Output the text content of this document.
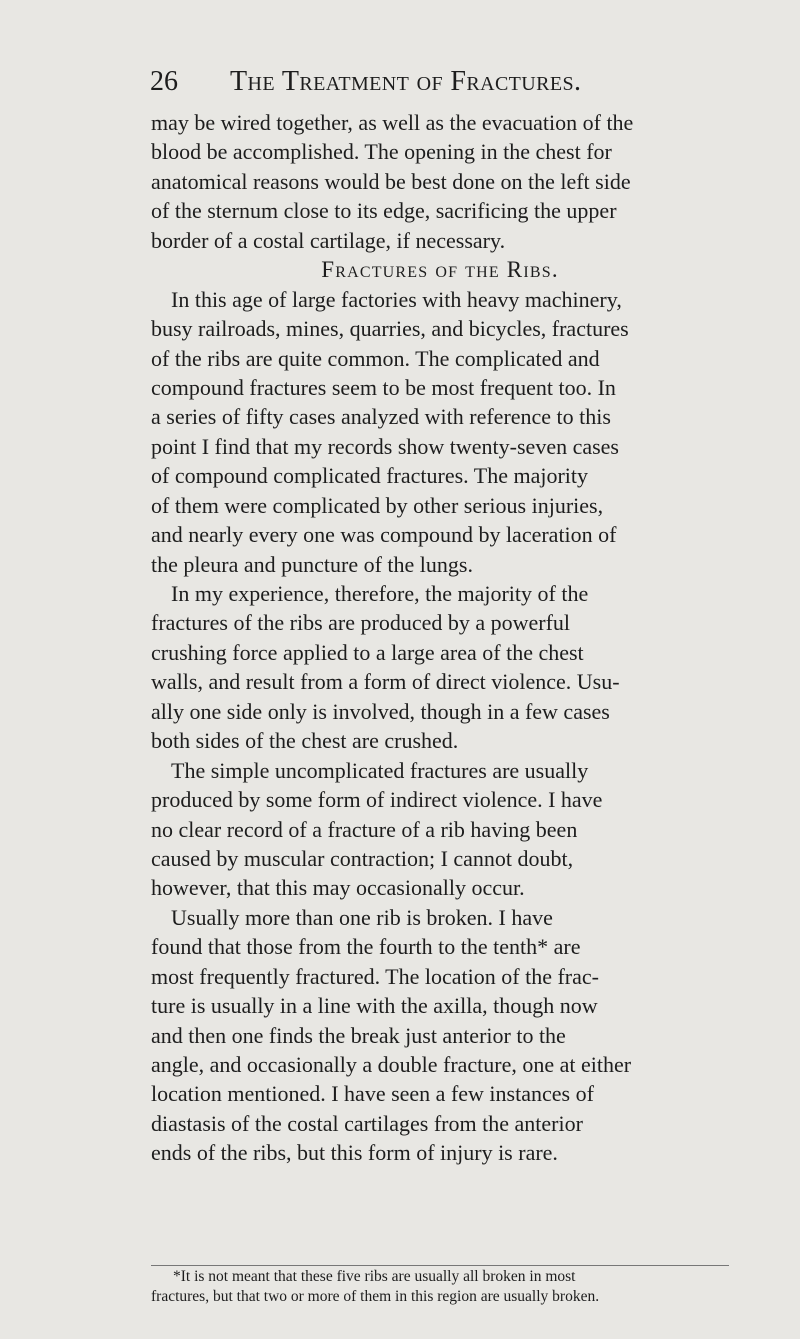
26 The Treatment of Fractures.
may be wired together, as well as the evacuation of the
blood be accomplished. The opening in the chest for
anatomical reasons would be best done on the left side
of the sternum close to its edge, sacrificing the upper
border of a costal cartilage, if necessary.
Fractures of the Ribs.
In this age of large factories with heavy machinery,
busy railroads, mines, quarries, and bicycles, fractures
of the ribs are quite common. The complicated and
compound fractures seem to be most frequent too. In
a series of fifty cases analyzed with reference to this
point I find that my records show twenty-seven cases
of compound complicated fractures. The majority
of them were complicated by other serious injuries,
and nearly every one was compound by laceration of
the pleura and puncture of the lungs.
In my experience, therefore, the majority of the
fractures of the ribs are produced by a powerful
crushing force applied to a large area of the chest
walls, and result from a form of direct violence. Usu-
ally one side only is involved, though in a few cases
both sides of the chest are crushed.
The simple uncomplicated fractures are usually
produced by some form of indirect violence. I have
no clear record of a fracture of a rib having been
caused by muscular contraction; I cannot doubt,
however, that this may occasionally occur.
Usually more than one rib is broken. I have
found that those from the fourth to the tenth* are
most frequently fractured. The location of the frac-
ture is usually in a line with the axilla, though now
and then one finds the break just anterior to the
angle, and occasionally a double fracture, one at either
location mentioned. I have seen a few instances of
diastasis of the costal cartilages from the anterior
ends of the ribs, but this form of injury is rare.
*It is not meant that these five ribs are usually all broken in most
fractures, but that two or more of them in this region are usually broken.
